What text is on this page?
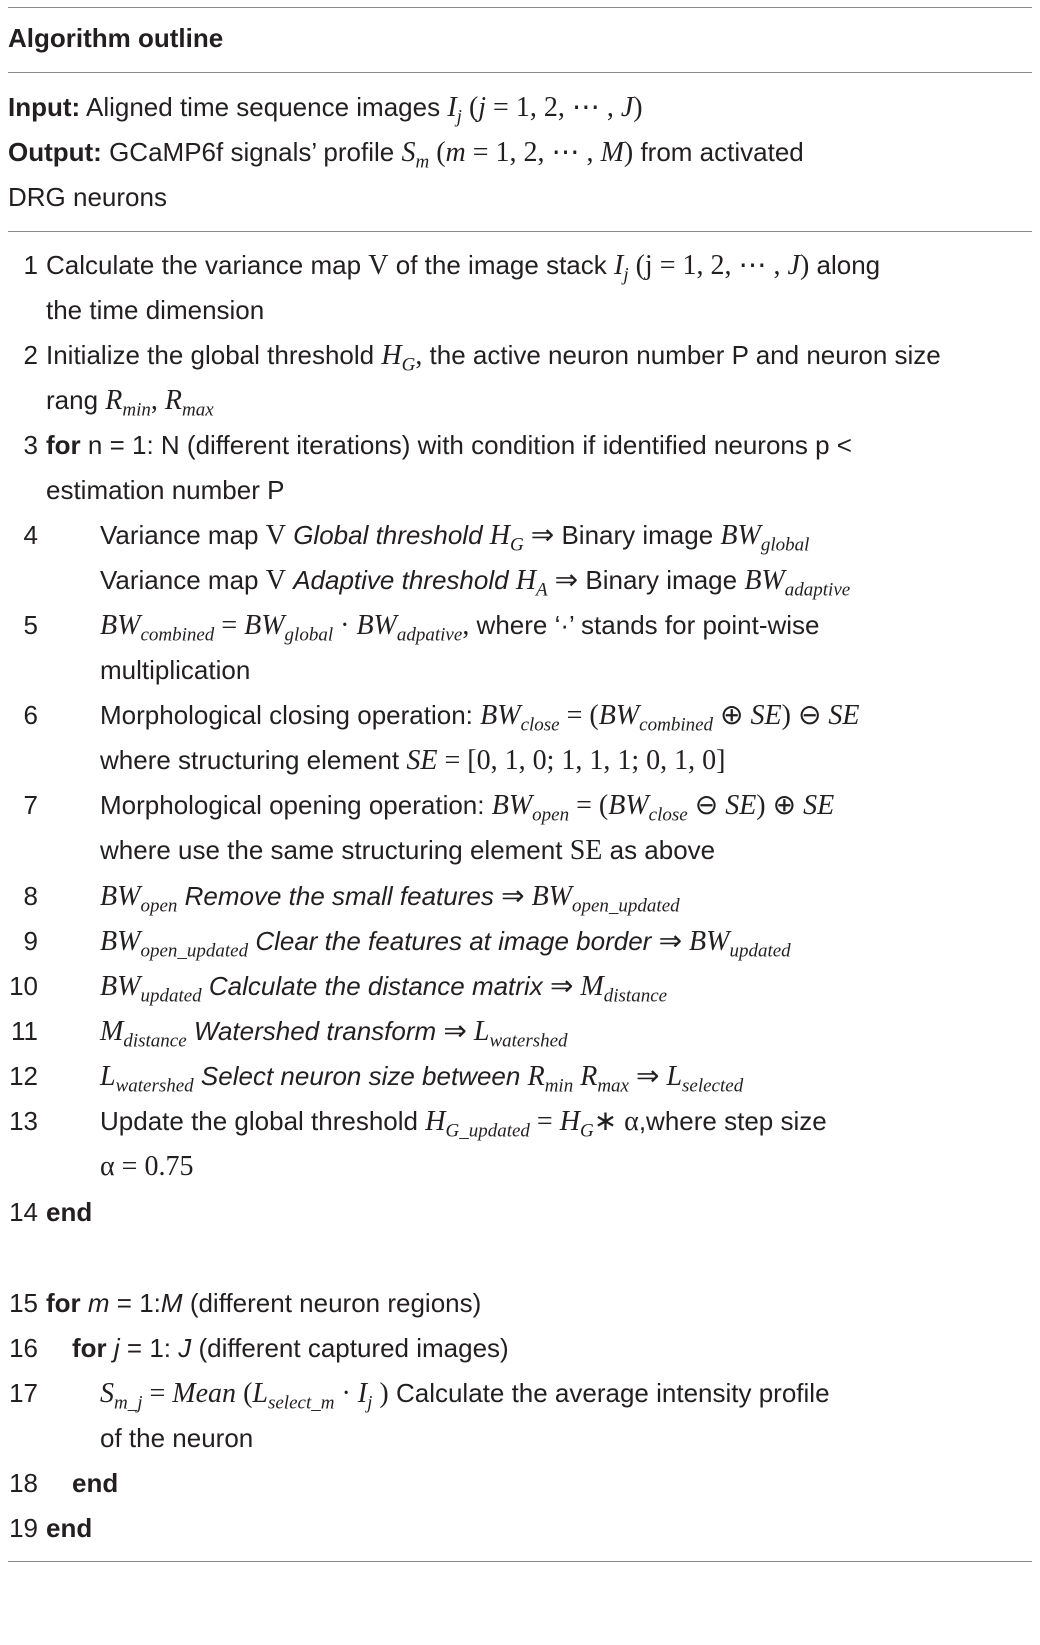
Algorithm outline
Input: Aligned time sequence images $I_j$ (j = 1, 2, ⋯ , J)
Output: GCaMP6f signals’ profile $S_m$ (m = 1, 2, ⋯ , M) from activated
DRG neurons
1 Calculate the variance map V of the image stack $I_j$ (j = 1, 2, ⋯ , J) along
the time dimension
2 Initialize the global threshold $H_G$, the active neuron number P and neuron size
rang $R_{min}$, $R_{max}$
3 for n = 1: N (different iterations) with condition if identified neurons p <
estimation number P
4 Variance map V Global threshold $H_G$ ⇒ Binary image $BW_{global}$
Variance map V Adaptive threshold $H_A$ ⇒ Binary image $BW_{adaptive}$
5 $BW_{combined} = BW_{global} \cdot BW_{adpative}$, where ‘·’ stands for point-wise
multiplication
6 Morphological closing operation: $BW_{close} = (BW_{combined}$ ⊕ SE) ⊖ SE
where structuring element SE = [0, 1, 0; 1, 1, 1; 0, 1, 0]
7 Morphological opening operation: $BW_{open} = (BW_{close}$ ⊖ SE) ⊕ SE
where use the same structuring element SE as above
8 $BW_{open}$ Remove the small features ⇒ $BW_{open\_updated}$
9 $BW_{open\_updated}$ Clear the features at image border ⇒ $BW_{updated}$
10 $BW_{updated}$ Calculate the distance matrix ⇒ $M_{distance}$
11 $M_{distance}$ Watershed transform ⇒ $L_{watershed}$
12 $L_{watershed}$ Select neuron size between $R_{min}$ $R_{max}$ ⇒ $L_{selected}$
13 Update the global threshold $H_{G\_updated}$ = $H_G∗$ α,where step size
α = 0.75
14 end
15 for m = 1:M (different neuron regions)
16 for j = 1: J (different captured images)
17 $S_{m\_j}$ = Mean ($L_{select\_m} \cdot I_j$ ) Calculate the average intensity profile
of the neuron
18 end
19 end
